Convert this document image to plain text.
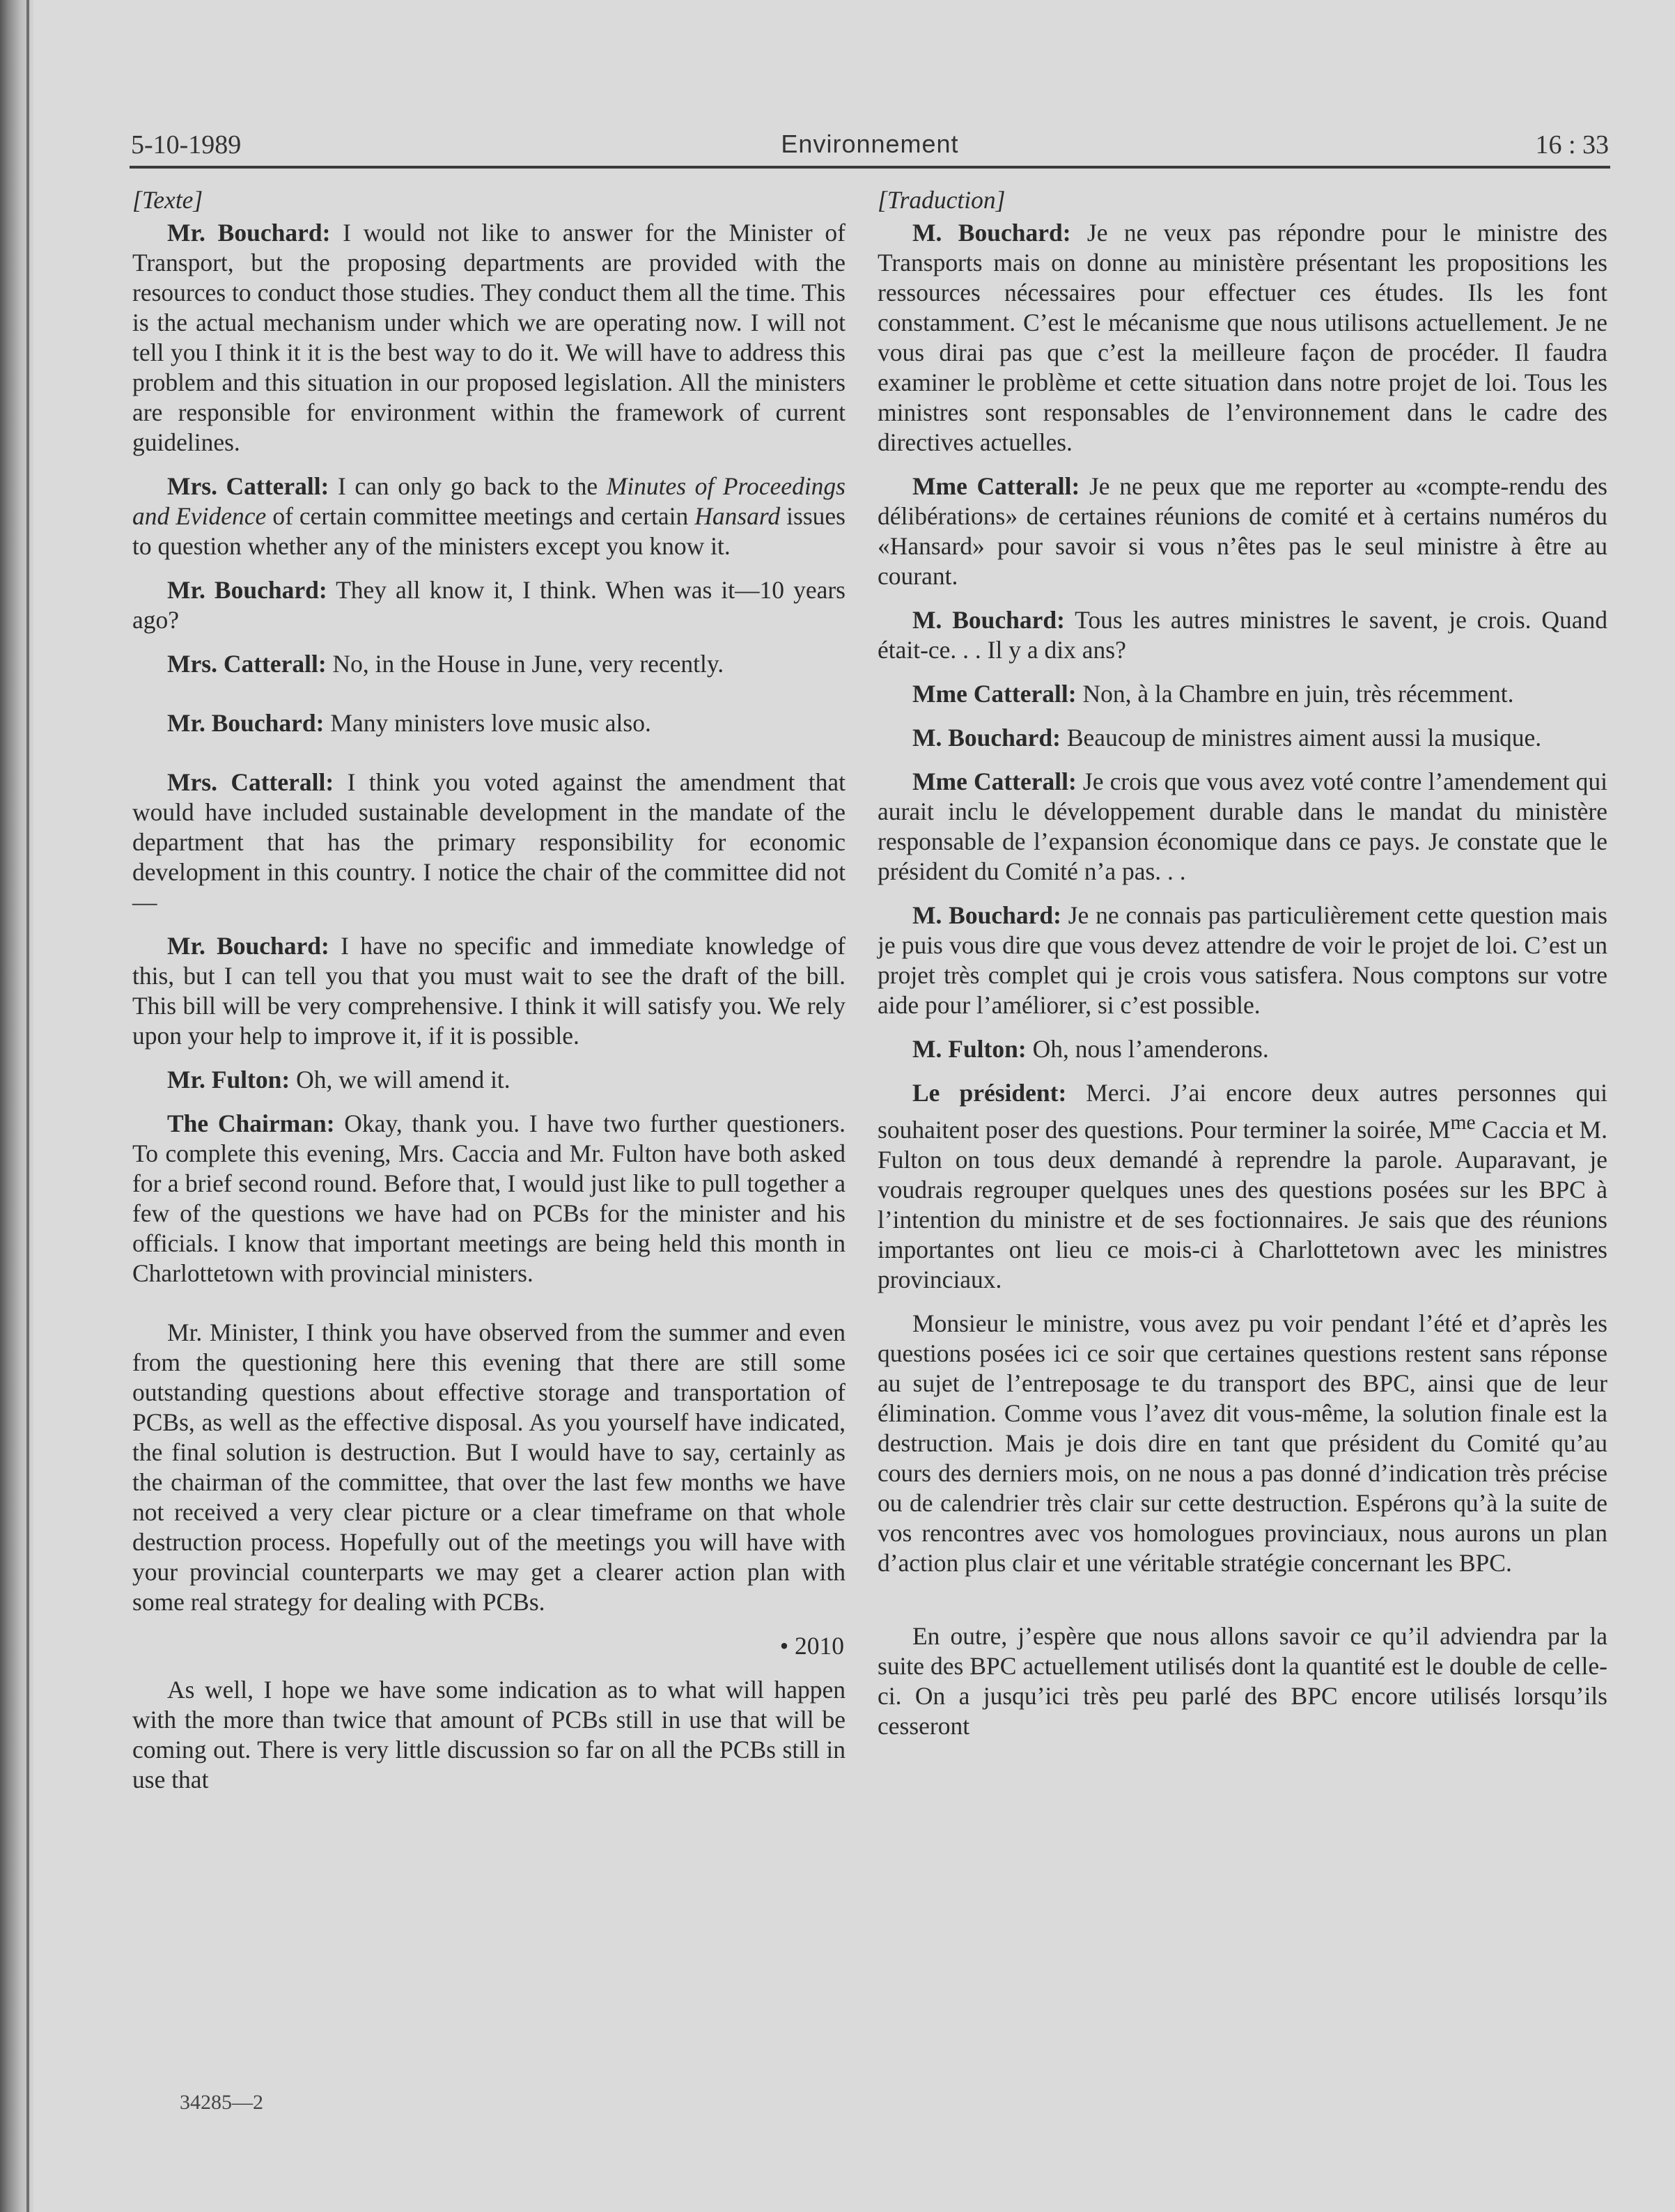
5-10-1989	Environnement	16 : 33

[Texte]

Mr. Bouchard: I would not like to answer for the Minister of Transport, but the proposing departments are provided with the resources to conduct those studies. They conduct them all the time. This is the actual mechanism under which we are operating now. I will not tell you I think it it is the best way to do it. We will have to address this problem and this situation in our proposed legislation. All the ministers are responsible for environment within the framework of current guidelines.

Mrs. Catterall: I can only go back to the Minutes of Proceedings and Evidence of certain committee meetings and certain Hansard issues to question whether any of the ministers except you know it.

Mr. Bouchard: They all know it, I think. When was it—10 years ago?

Mrs. Catterall: No, in the House in June, very recently.

Mr. Bouchard: Many ministers love music also.

Mrs. Catterall: I think you voted against the amendment that would have included sustainable development in the mandate of the department that has the primary responsibility for economic development in this country. I notice the chair of the committee did not—

Mr. Bouchard: I have no specific and immediate knowledge of this, but I can tell you that you must wait to see the draft of the bill. This bill will be very comprehensive. I think it will satisfy you. We rely upon your help to improve it, if it is possible.

Mr. Fulton: Oh, we will amend it.

The Chairman: Okay, thank you. I have two further questioners. To complete this evening, Mrs. Caccia and Mr. Fulton have both asked for a brief second round. Before that, I would just like to pull together a few of the questions we have had on PCBs for the minister and his officials. I know that important meetings are being held this month in Charlottetown with provincial ministers.

Mr. Minister, I think you have observed from the summer and even from the questioning here this evening that there are still some outstanding questions about effective storage and transportation of PCBs, as well as the effective disposal. As you yourself have indicated, the final solution is destruction. But I would have to say, certainly as the chairman of the committee, that over the last few months we have not received a very clear picture or a clear timeframe on that whole destruction process. Hopefully out of the meetings you will have with your provincial counterparts we may get a clearer action plan with some real strategy for dealing with PCBs.

• 2010

As well, I hope we have some indication as to what will happen with the more than twice that amount of PCBs still in use that will be coming out. There is very little discussion so far on all the PCBs still in use that

[Traduction]

M. Bouchard: Je ne veux pas répondre pour le ministre des Transports mais on donne au ministère présentant les propositions les ressources nécessaires pour effectuer ces études. Ils les font constamment. C’est le mécanisme que nous utilisons actuellement. Je ne vous dirai pas que c’est la meilleure façon de procéder. Il faudra examiner le problème et cette situation dans notre projet de loi. Tous les ministres sont responsables de l’environnement dans le cadre des directives actuelles.

Mme Catterall: Je ne peux que me reporter au «compte-rendu des délibérations» de certaines réunions de comité et à certains numéros du «Hansard» pour savoir si vous n’êtes pas le seul ministre à être au courant.

M. Bouchard: Tous les autres ministres le savent, je crois. Quand était-ce. . . Il y a dix ans?

Mme Catterall: Non, à la Chambre en juin, très récemment.

M. Bouchard: Beaucoup de ministres aiment aussi la musique.

Mme Catterall: Je crois que vous avez voté contre l’amendement qui aurait inclu le développement durable dans le mandat du ministère responsable de l’expansion économique dans ce pays. Je constate que le président du Comité n’a pas. . .

M. Bouchard: Je ne connais pas particulièrement cette question mais je puis vous dire que vous devez attendre de voir le projet de loi. C’est un projet très complet qui je crois vous satisfera. Nous comptons sur votre aide pour l’améliorer, si c’est possible.

M. Fulton: Oh, nous l’amenderons.

Le président: Merci. J’ai encore deux autres personnes qui souhaitent poser des questions. Pour terminer la soirée, $M^{me}$ Caccia et M. Fulton on tous deux demandé à reprendre la parole. Auparavant, je voudrais regrouper quelques unes des questions posées sur les BPC à l’intention du ministre et de ses foctionnaires. Je sais que des réunions importantes ont lieu ce mois-ci à Charlottetown avec les ministres provinciaux.

Monsieur le ministre, vous avez pu voir pendant l’été et d’après les questions posées ici ce soir que certaines questions restent sans réponse au sujet de l’entreposage te du transport des BPC, ainsi que de leur élimination. Comme vous l’avez dit vous-même, la solution finale est la destruction. Mais je dois dire en tant que président du Comité qu’au cours des derniers mois, on ne nous a pas donné d’indication très précise ou de calendrier très clair sur cette destruction. Espérons qu’à la suite de vos rencontres avec vos homologues provinciaux, nous aurons un plan d’action plus clair et une véritable stratégie concernant les BPC.

En outre, j’espère que nous allons savoir ce qu’il adviendra par la suite des BPC actuellement utilisés dont la quantité est le double de celle-ci. On a jusqu’ici très peu parlé des BPC encore utilisés lorsqu’ils cesseront

34285—2
